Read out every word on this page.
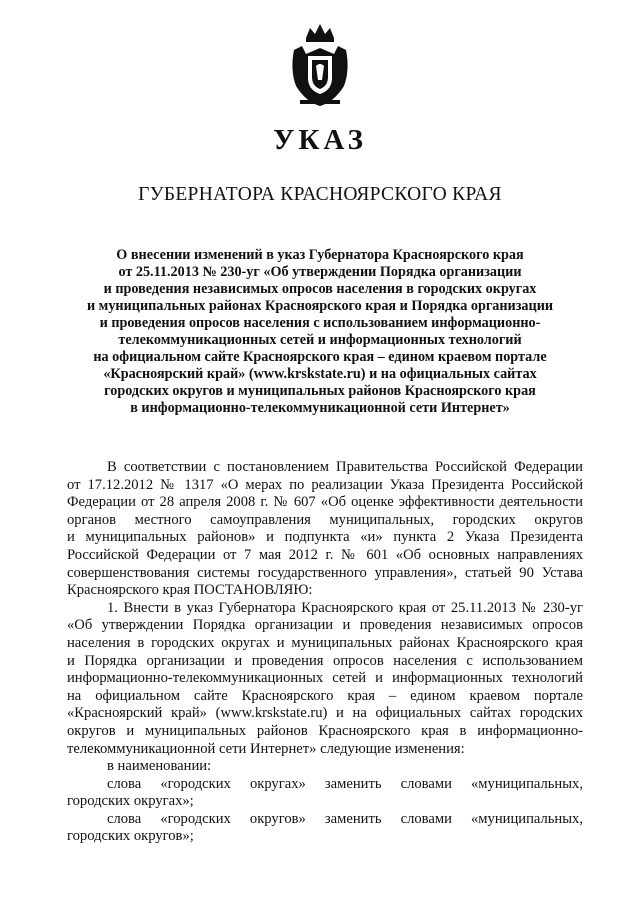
УКАЗ
ГУБЕРНАТОРА КРАСНОЯРСКОГО КРАЯ
О внесении изменений в указ Губернатора Красноярского края
от 25.11.2013 № 230-уг «Об утверждении Порядка организации
и проведения независимых опросов населения в городских округах
и муниципальных районах Красноярского края и Порядка организации
и проведения опросов населения с использованием информационно-
телекоммуникационных сетей и информационных технологий
на официальном сайте Красноярского края – едином краевом портале
«Красноярский край» (www.krskstate.ru) и на официальных сайтах
городских округов и муниципальных районов Красноярского края
в информационно-телекоммуникационной сети Интернет»
В соответствии с постановлением Правительства Российской Федерации
от 17.12.2012 № 1317 «О мерах по реализации Указа Президента Российской
Федерации от 28 апреля 2008 г. № 607 «Об оценке эффективности деятельности
органов местного самоуправления муниципальных, городских округов
и муниципальных районов» и подпункта «и» пункта 2 Указа Президента
Российской Федерации от 7 мая 2012 г. № 601 «Об основных направлениях
совершенствования системы государственного управления», статьей 90 Устава
Красноярского края ПОСТАНОВЛЯЮ:
1. Внести в указ Губернатора Красноярского края от 25.11.2013 № 230-уг
«Об утверждении Порядка организации и проведения независимых опросов
населения в городских округах и муниципальных районах Красноярского края
и Порядка организации и проведения опросов населения с использованием
информационно-телекоммуникационных сетей и информационных технологий
на официальном сайте Красноярского края – едином краевом портале
«Красноярский край» (www.krskstate.ru) и на официальных сайтах городских
округов и муниципальных районов Красноярского края в информационно-
телекоммуникационной сети Интернет» следующие изменения:
в наименовании:
слова «городских округах» заменить словами «муниципальных,
городских округах»;
слова «городских округов» заменить словами «муниципальных,
городских округов»;
